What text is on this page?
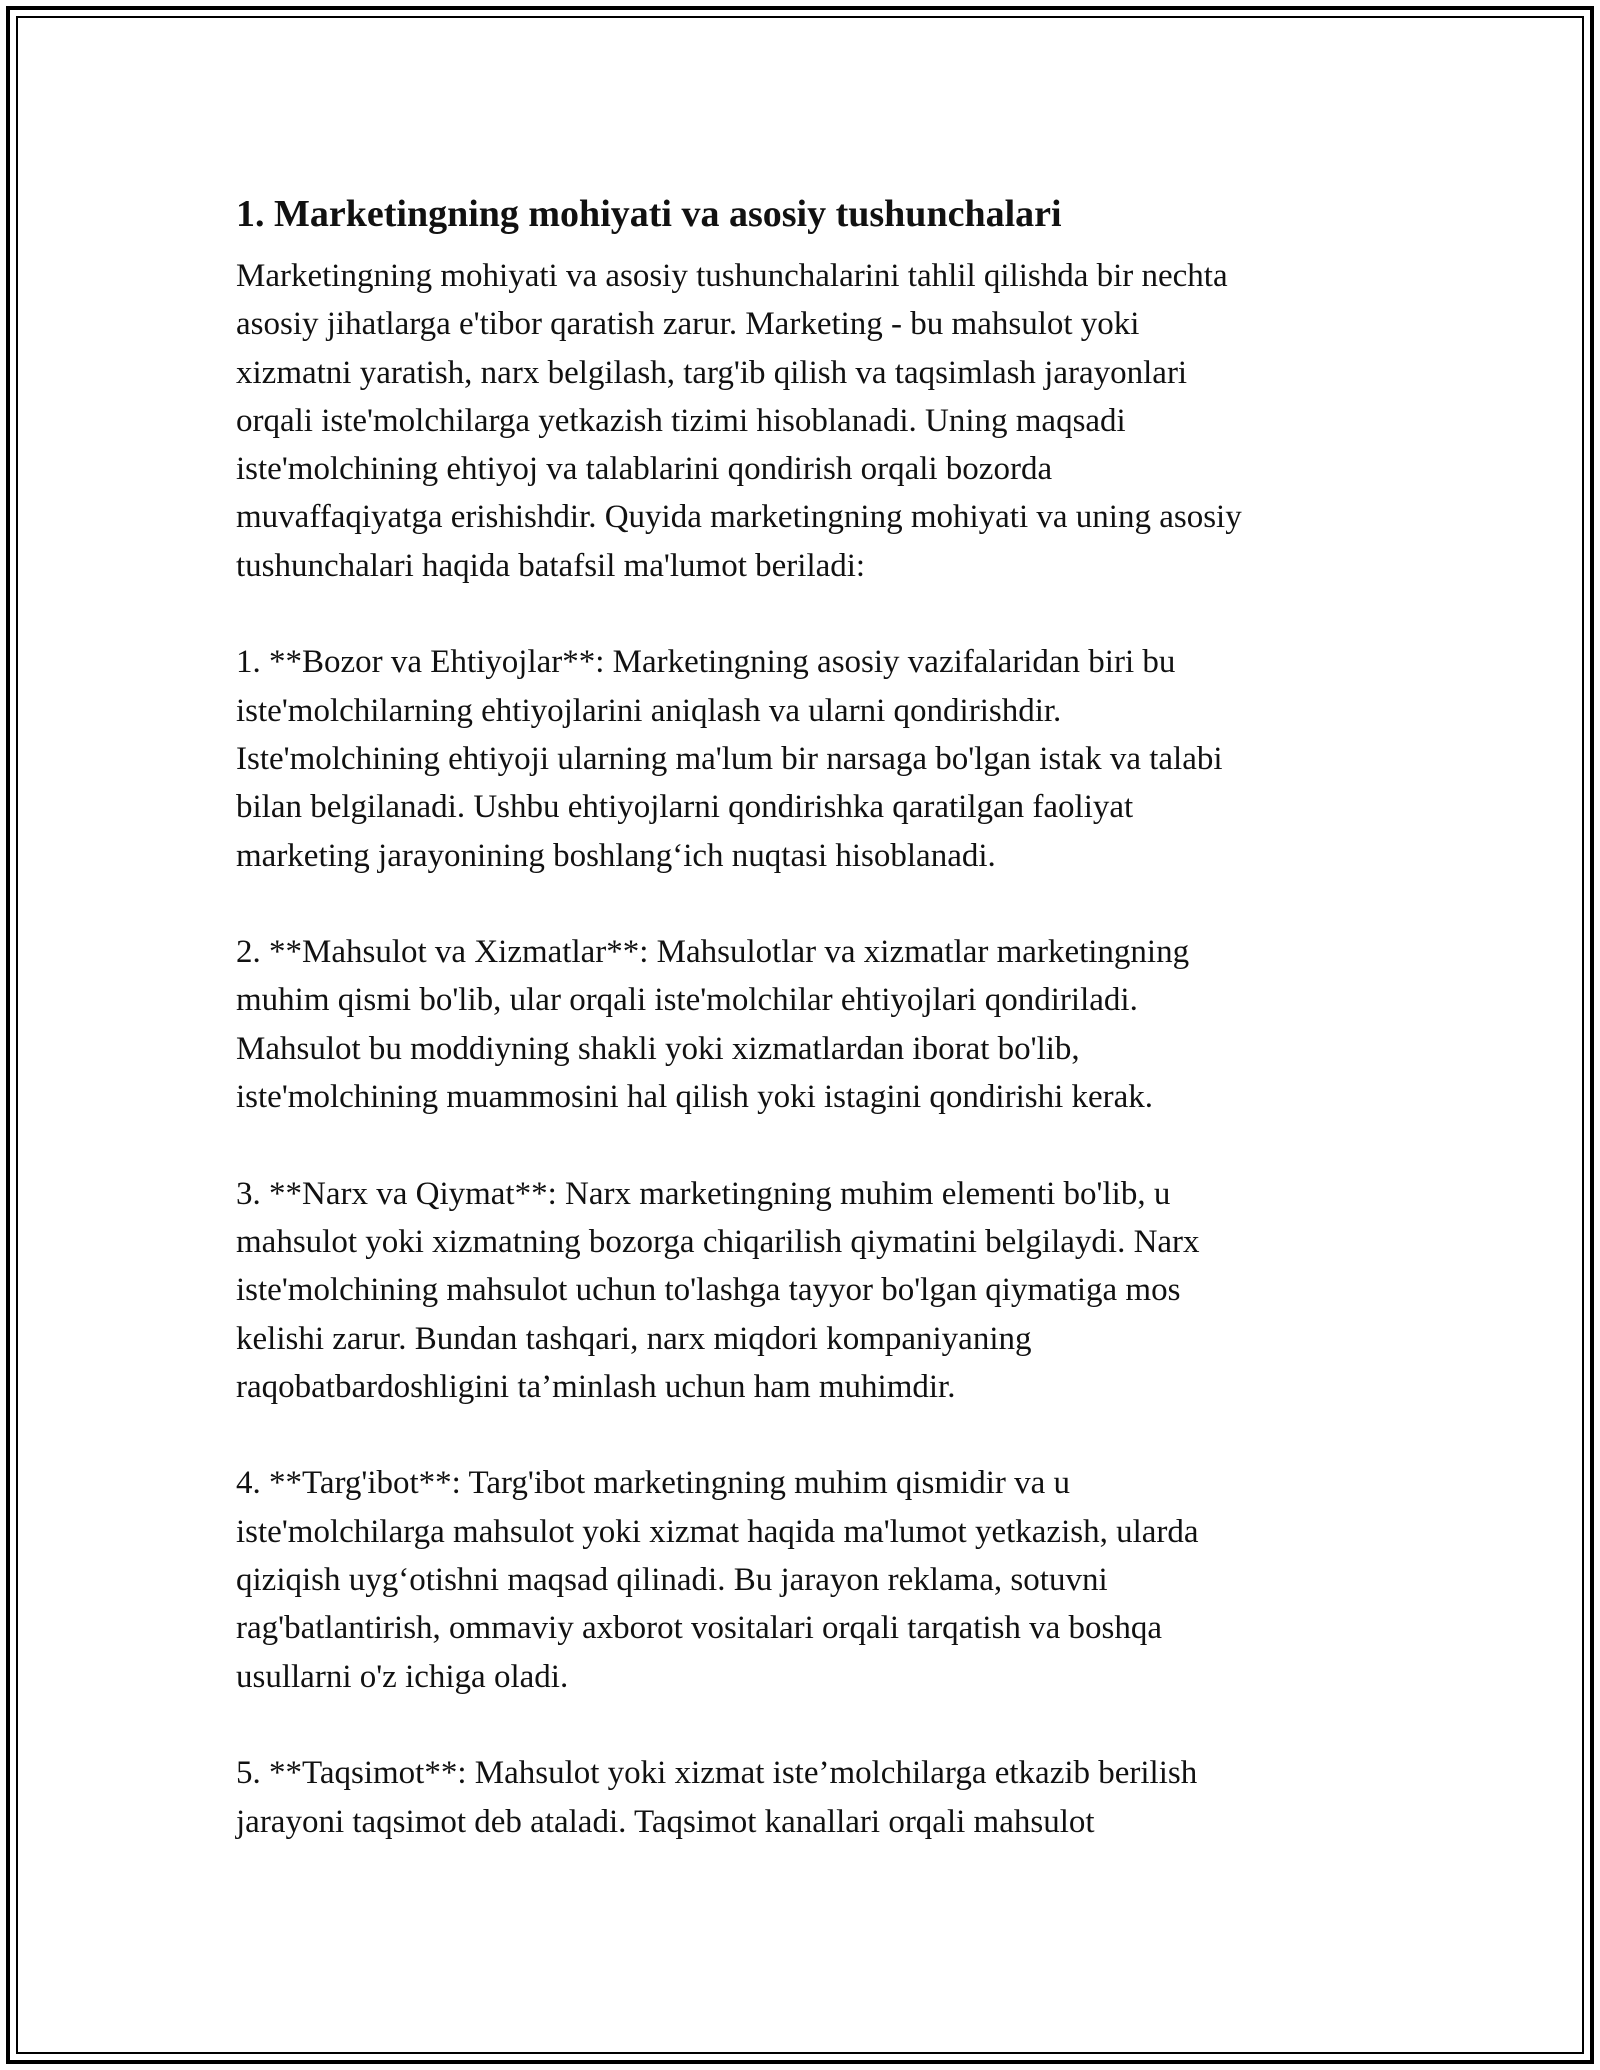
1. Marketingning mohiyati va asosiy tushunchalari
Marketingning mohiyati va asosiy tushunchalarini tahlil qilishda bir nechta
asosiy jihatlarga e'tibor qaratish zarur. Marketing - bu mahsulot yoki
xizmatni yaratish, narx belgilash, targ'ib qilish va taqsimlash jarayonlari
orqali iste'molchilarga yetkazish tizimi hisoblanadi. Uning maqsadi
iste'molchining ehtiyoj va talablarini qondirish orqali bozorda
muvaffaqiyatga erishishdir. Quyida marketingning mohiyati va uning asosiy
tushunchalari haqida batafsil ma'lumot beriladi:
1. **Bozor va Ehtiyojlar**: Marketingning asosiy vazifalaridan biri bu
iste'molchilarning ehtiyojlarini aniqlash va ularni qondirishdir.
Iste'molchining ehtiyoji ularning ma'lum bir narsaga bo'lgan istak va talabi
bilan belgilanadi. Ushbu ehtiyojlarni qondirishka qaratilgan faoliyat
marketing jarayonining boshlang‘ich nuqtasi hisoblanadi.
2. **Mahsulot va Xizmatlar**: Mahsulotlar va xizmatlar marketingning
muhim qismi bo'lib, ular orqali iste'molchilar ehtiyojlari qondiriladi.
Mahsulot bu moddiyning shakli yoki xizmatlardan iborat bo'lib,
iste'molchining muammosini hal qilish yoki istagini qondirishi kerak.
3. **Narx va Qiymat**: Narx marketingning muhim elementi bo'lib, u
mahsulot yoki xizmatning bozorga chiqarilish qiymatini belgilaydi. Narx
iste'molchining mahsulot uchun to'lashga tayyor bo'lgan qiymatiga mos
kelishi zarur. Bundan tashqari, narx miqdori kompaniyaning
raqobatbardoshligini ta’minlash uchun ham muhimdir.
4. **Targ'ibot**: Targ'ibot marketingning muhim qismidir va u
iste'molchilarga mahsulot yoki xizmat haqida ma'lumot yetkazish, ularda
qiziqish uyg‘otishni maqsad qilinadi. Bu jarayon reklama, sotuvni
rag'batlantirish, ommaviy axborot vositalari orqali tarqatish va boshqa
usullarni o'z ichiga oladi.
5. **Taqsimot**: Mahsulot yoki xizmat iste’molchilarga etkazib berilish
jarayoni taqsimot deb ataladi. Taqsimot kanallari orqali mahsulot
